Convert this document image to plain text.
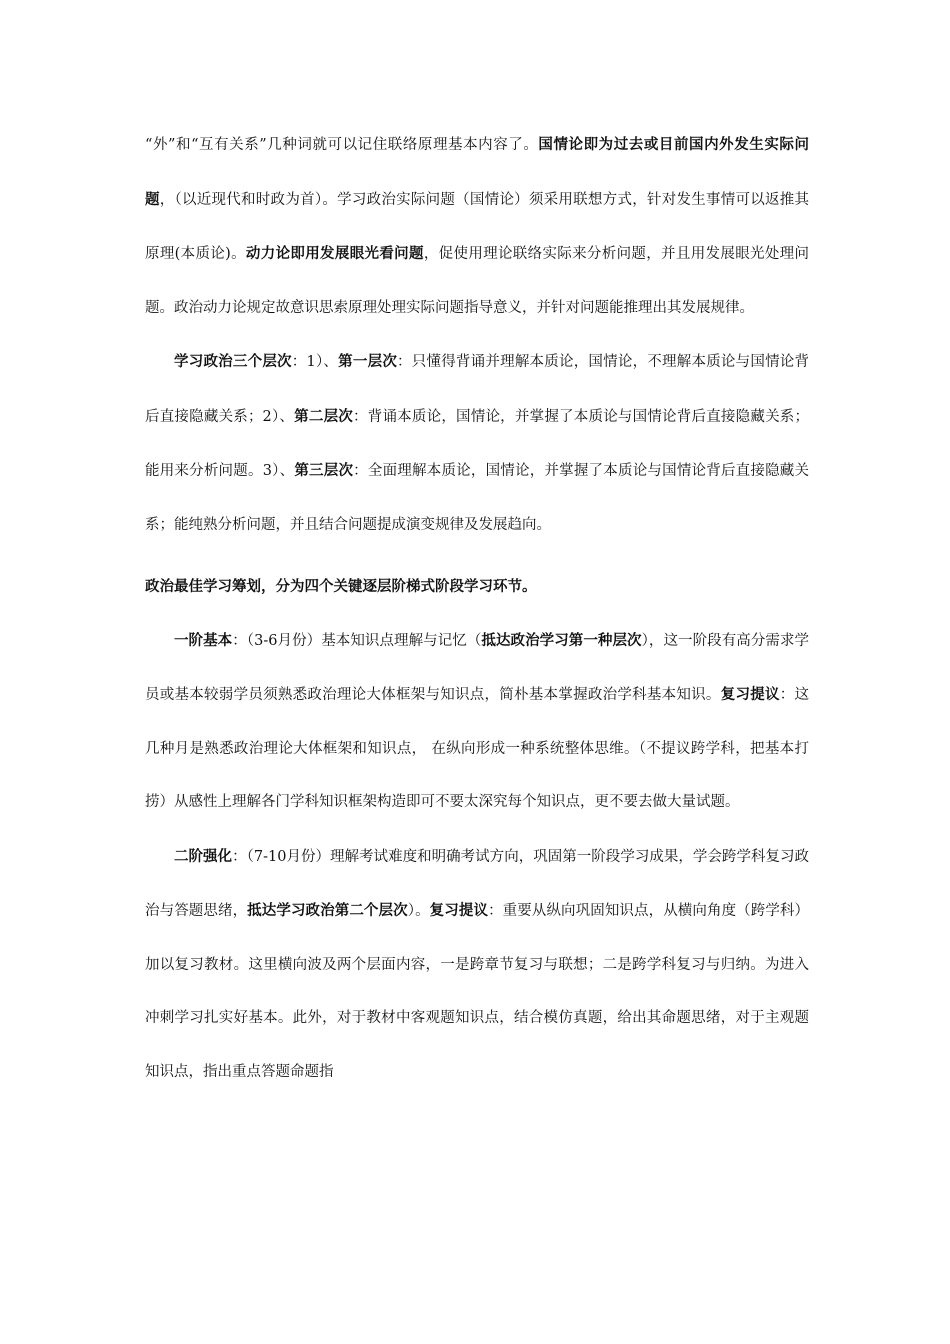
“外”和“互有关系”几种词就可以记住联络原理基本内容了。国情论即为过去或目前国内外发生实际问题，（以近现代和时政为首）。学习政治实际问题（国情论）须采用联想方式，针对发生事情可以返推其原理(本质论)。动力论即用发展眼光看问题，促使用理论联络实际来分析问题，并且用发展眼光处理问题。政治动力论规定故意识思索原理处理实际问题指导意义，并针对问题能推理出其发展规律。

学习政治三个层次：1）、第一层次：只懂得背诵并理解本质论，国情论，不理解本质论与国情论背后直接隐藏关系；2）、第二层次：背诵本质论，国情论，并掌握了本质论与国情论背后直接隐藏关系；能用来分析问题。3）、第三层次：全面理解本质论，国情论，并掌握了本质论与国情论背后直接隐藏关系；能纯熟分析问题，并且结合问题提成演变规律及发展趋向。

政治最佳学习筹划，分为四个关键逐层阶梯式阶段学习环节。

一阶基本：（3-6月份）基本知识点理解与记忆（抵达政治学习第一种层次），这一阶段有高分需求学员或基本较弱学员须熟悉政治理论大体框架与知识点，简朴基本掌握政治学科基本知识。复习提议：这几种月是熟悉政治理论大体框架和知识点， 在纵向形成一种系统整体思维。（不提议跨学科，把基本打捞）从感性上理解各门学科知识框架构造即可不要太深究每个知识点，更不要去做大量试题。

二阶强化：（7-10月份）理解考试难度和明确考试方向，巩固第一阶段学习成果，学会跨学科复习政治与答题思绪，抵达学习政治第二个层次）。复习提议：重要从纵向巩固知识点，从横向角度（跨学科）加以复习教材。这里横向波及两个层面内容，一是跨章节复习与联想；二是跨学科复习与归纳。为进入冲刺学习扎实好基本。此外，对于教材中客观题知识点，结合模仿真题，给出其命题思绪，对于主观题知识点，指出重点答题命题指
